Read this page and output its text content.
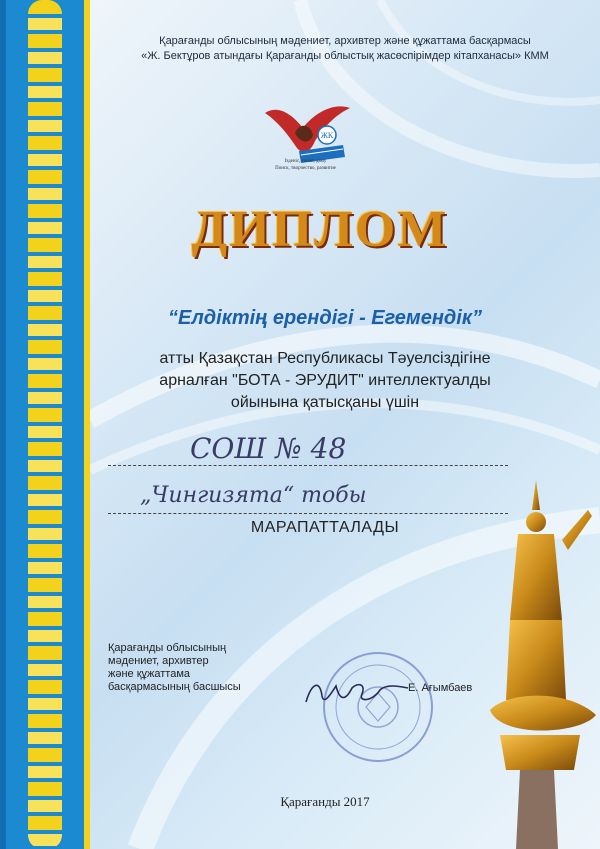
Қарағанды облысының мәдениет, архивтер және құжаттама басқармасы
«Ж. Бектұров атындағы Қарағанды облыстық жасөспірімдер кітапханасы» КММ
ЖК
Ізденіс, талап, даму
Поиск, творчество, развитие
ДИПЛОМ
“Елдіктің ерендігі - Егемендік”
атты Қазақстан Республикасы Тәуелсіздігіне
арналған "БОТА - ЭРУДИТ" интеллектуалды
ойынына қатысқаны үшін
СОШ № 48
„Чингизята“ тобы
МАРАПАТТАЛАДЫ
Қарағанды облысының
мәдениет, архивтер
және құжаттама
басқармасының басшысы	Е. Ағымбаев
Қарағанды 2017
